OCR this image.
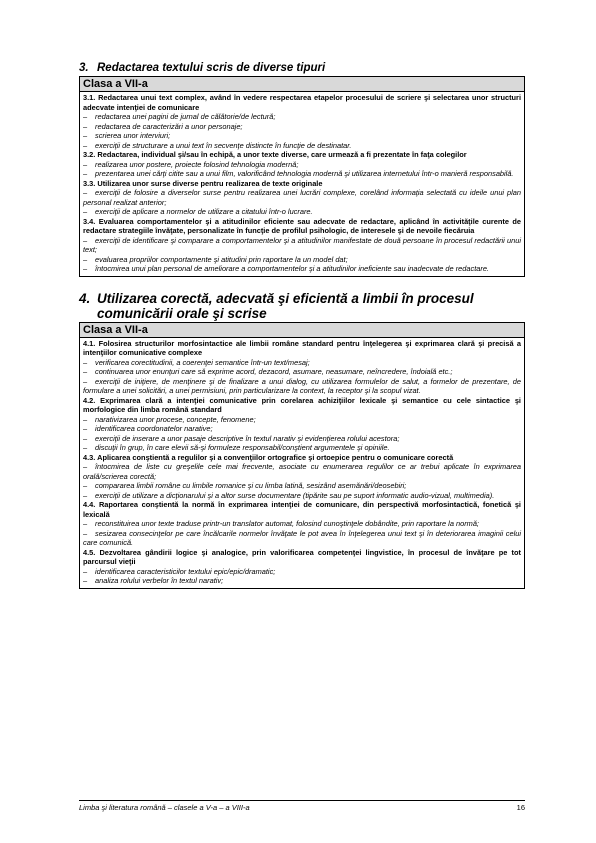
3. Redactarea textului scris de diverse tipuri
Clasa a VII-a
3.1. Redactarea unui text complex, având în vedere respectarea etapelor procesului de scriere şi selectarea unor structuri adecvate intenţiei de comunicare
– redactarea unei pagini de jurnal de călătorie/de lectură;
– redactarea de caracterizări a unor personaje;
– scrierea unor interviuri;
– exerciţii de structurare a unui text în secvenţe distincte în funcţie de destinatar.
3.2. Redactarea, individual şi/sau în echipă, a unor texte diverse, care urmează a fi prezentate în faţa colegilor
– realizarea unor postere, proiecte folosind tehnologia modernă;
– prezentarea unei cărţi citite sau a unui film, valorificând tehnologia modernă şi utilizarea internetului într-o manieră responsabilă.
3.3. Utilizarea unor surse diverse pentru realizarea de texte originale
– exerciţii de folosire a diverselor surse pentru realizarea unei lucrări complexe, corelând informaţia selectată cu ideile unui plan personal realizat anterior;
– exerciţii de aplicare a normelor de utilizare a citatului într-o lucrare.
3.4. Evaluarea comportamentelor şi a atitudinilor eficiente sau adecvate de redactare, aplicând în activităţile curente de redactare strategiile învăţate, personalizate în funcţie de profilul psihologic, de interesele şi de nevoile fiecăruia
– exerciţii de identificare şi comparare a comportamentelor şi a atitudinilor manifestate de două persoane în procesul redactării unui text;
– evaluarea propriilor comportamente şi atitudini prin raportare la un model dat;
– întocmirea unui plan personal de ameliorare a comportamentelor şi a atitudinilor ineficiente sau inadecvate de redactare.
4. Utilizarea corectă, adecvată şi eficientă a limbii în procesul comunicării orale şi scrise
Clasa a VII-a
4.1. Folosirea structurilor morfosintactice ale limbii române standard pentru înţelegerea şi exprimarea clară şi precisă a intenţiilor comunicative complexe
– verificarea corectitudinii, a coerenţei semantice într-un text/mesaj;
– continuarea unor enunţuri care să exprime acord, dezacord, asumare, neasumare, neîncredere, îndoială etc.;
– exerciţii de iniţiere, de menţinere şi de finalizare a unui dialog, cu utilizarea formulelor de salut, a formelor de prezentare, de formulare a unei solicitări, a unei permisiuni, prin particularizare la context, la receptor şi la scopul vizat.
4.2. Exprimarea clară a intenţiei comunicative prin corelarea achiziţiilor lexicale şi semantice cu cele sintactice şi morfologice din limba română standard
– narativizarea unor procese, concepte, fenomene;
– identificarea coordonatelor narative;
– exerciţii de inserare a unor pasaje descriptive în textul narativ şi evidenţierea rolului acestora;
– discuţii în grup, în care elevii să-şi formuleze responsabil/conştient argumentele şi opiniile.
4.3. Aplicarea conştientă a regulilor şi a convenţiilor ortografice şi ortoepice pentru o comunicare corectă
– întocmirea de liste cu greşelile cele mai frecvente, asociate cu enumerarea regulilor ce ar trebui aplicate în exprimarea orală/scrierea corectă;
– compararea limbii române cu limbile romanice şi cu limba latină, sesizând asemănări/deosebiri;
– exerciţii de utilizare a dicţionarului şi a altor surse documentare (tipărite sau pe suport informatic audio-vizual, multimedia).
4.4. Raportarea conştientă la normă în exprimarea intenţiei de comunicare, din perspectivă morfosintactică, fonetică şi lexicală
– reconstituirea unor texte traduse printr-un translator automat, folosind cunoştinţele dobândite, prin raportare la normă;
– sesizarea consecinţelor pe care încălcarile normelor învăţate le pot avea în înţelegerea unui text şi în deteriorarea imaginii celui care comunică.
4.5. Dezvoltarea gândirii logice şi analogice, prin valorificarea competenţei lingvistice, în procesul de învăţare pe tot parcursul vieţii
– identificarea caracteristicilor textului epic/epic/dramatic;
– analiza rolului verbelor în textul narativ;
Limba şi literatura română – clasele a V-a – a VIII-a	16
